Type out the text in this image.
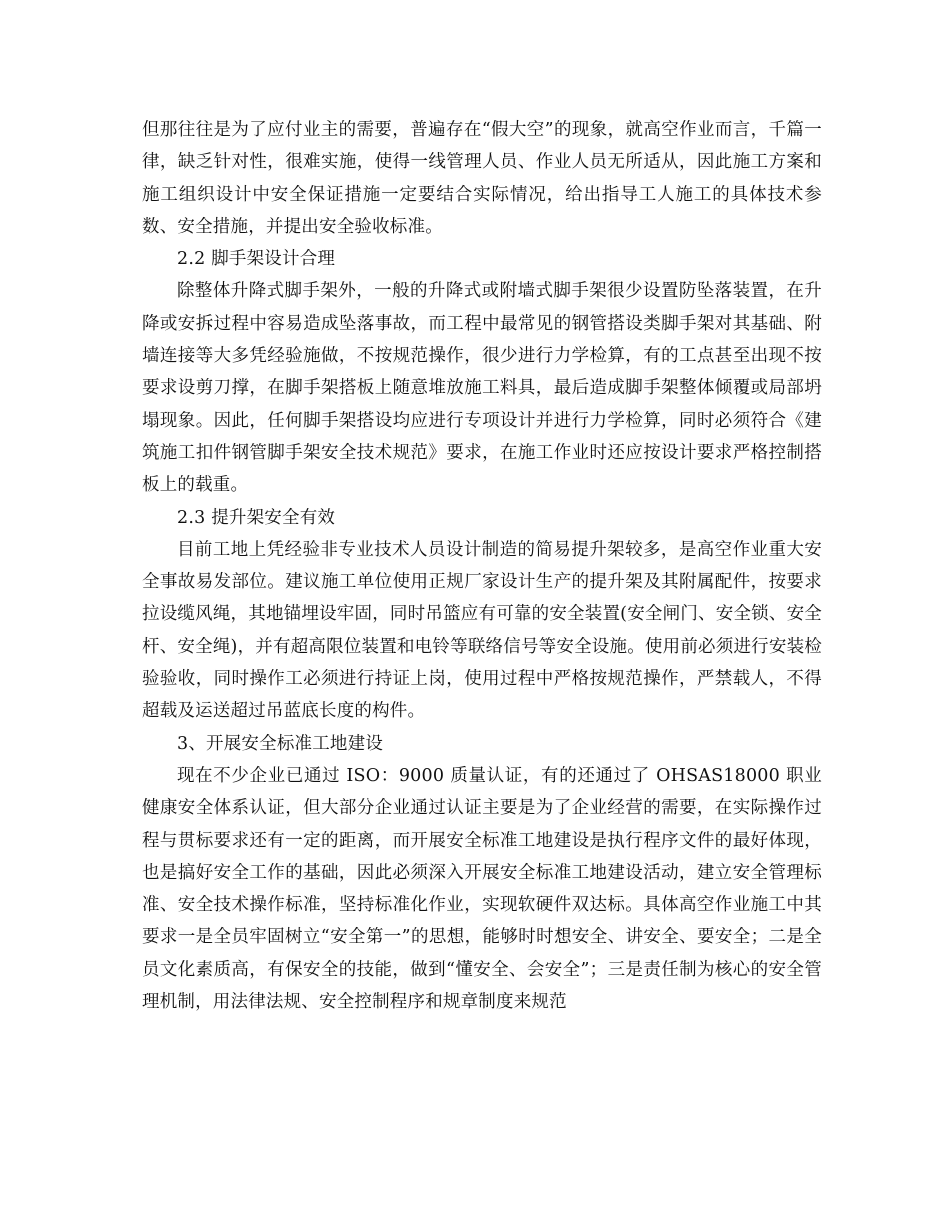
但那往往是为了应付业主的需要，普遍存在“假大空”的现象，就高空作业而言，千篇一律，缺乏针对性，很难实施，使得一线管理人员、作业人员无所适从，因此施工方案和施工组织设计中安全保证措施一定要结合实际情况，给出指导工人施工的具体技术参数、安全措施，并提出安全验收标准。

2.2 脚手架设计合理

除整体升降式脚手架外，一般的升降式或附墙式脚手架很少设置防坠落装置，在升降或安拆过程中容易造成坠落事故，而工程中最常见的钢管搭设类脚手架对其基础、附墙连接等大多凭经验施做，不按规范操作，很少进行力学检算，有的工点甚至出现不按要求设剪刀撑，在脚手架搭板上随意堆放施工料具，最后造成脚手架整体倾覆或局部坍塌现象。因此，任何脚手架搭设均应进行专项设计并进行力学检算，同时必须符合《建筑施工扣件钢管脚手架安全技术规范》要求，在施工作业时还应按设计要求严格控制搭板上的载重。

2.3 提升架安全有效

目前工地上凭经验非专业技术人员设计制造的简易提升架较多，是高空作业重大安全事故易发部位。建议施工单位使用正规厂家设计生产的提升架及其附属配件，按要求拉设缆风绳，其地锚埋设牢固，同时吊篮应有可靠的安全装置(安全闸门、安全锁、安全杆、安全绳)，并有超高限位装置和电铃等联络信号等安全设施。使用前必须进行安装检验验收，同时操作工必须进行持证上岗，使用过程中严格按规范操作，严禁载人，不得超载及运送超过吊蓝底长度的构件。

3、开展安全标准工地建设

现在不少企业已通过 ISO：9000 质量认证，有的还通过了 OHSAS18000 职业健康安全体系认证，但大部分企业通过认证主要是为了企业经营的需要，在实际操作过程与贯标要求还有一定的距离，而开展安全标准工地建设是执行程序文件的最好体现，也是搞好安全工作的基础，因此必须深入开展安全标准工地建设活动，建立安全管理标准、安全技术操作标准，坚持标准化作业，实现软硬件双达标。具体高空作业施工中其要求一是全员牢固树立“安全第一”的思想，能够时时想安全、讲安全、要安全；二是全员文化素质高，有保安全的技能，做到“懂安全、会安全”；三是责任制为核心的安全管理机制，用法律法规、安全控制程序和规章制度来规范
